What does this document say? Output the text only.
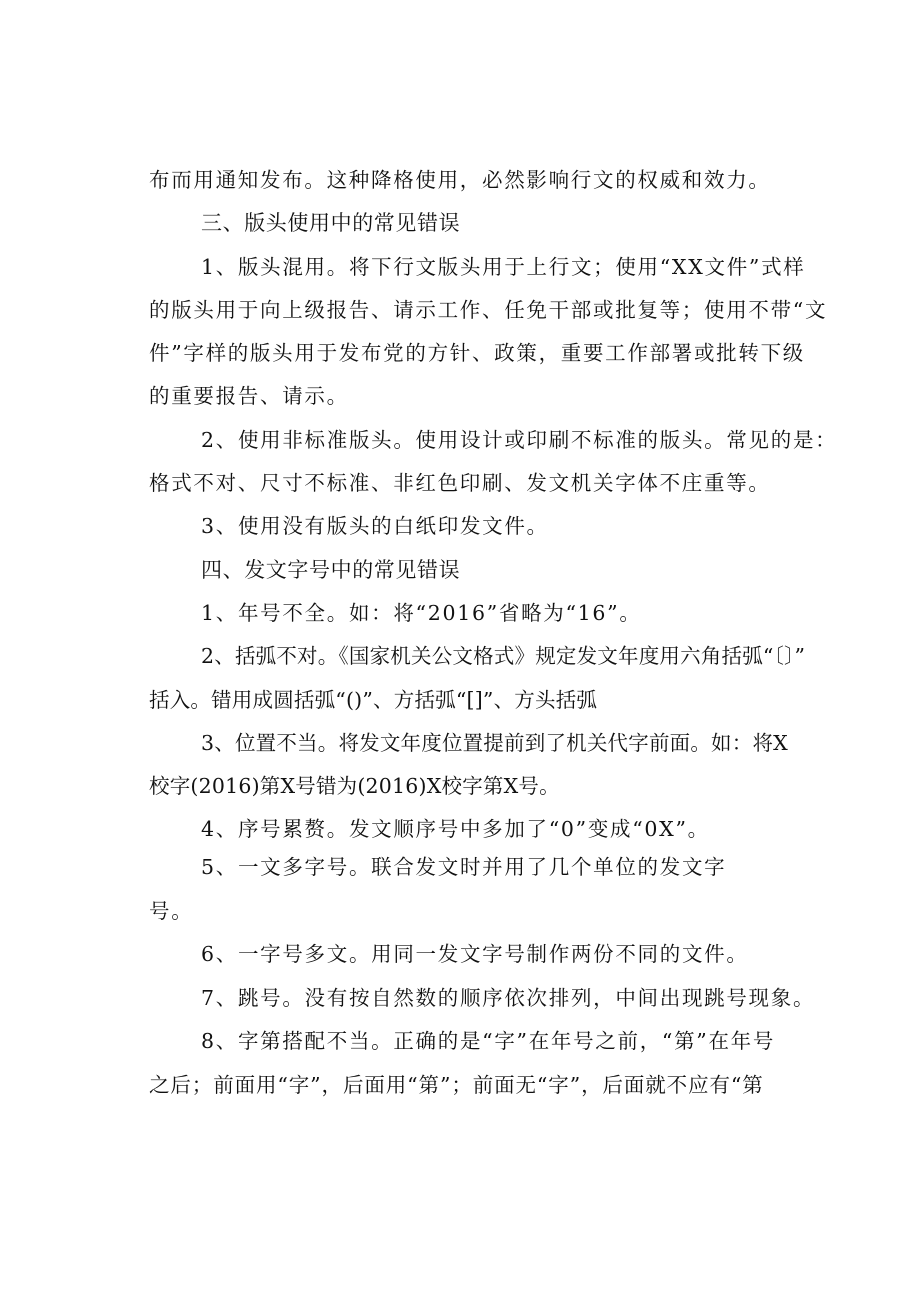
布而用通知发布。这种降格使用，必然影响行文的权威和效力。
三、版头使用中的常见错误
1、版头混用。将下行文版头用于上行文；使用“XX文件”式样
的版头用于向上级报告、请示工作、任免干部或批复等；使用不带“文
件”字样的版头用于发布党的方针、政策，重要工作部署或批转下级
的重要报告、请示。
2、使用非标准版头。使用设计或印刷不标准的版头。常见的是：
格式不对、尺寸不标准、非红色印刷、发文机关字体不庄重等。
3、使用没有版头的白纸印发文件。
四、发文字号中的常见错误
1、年号不全。如：将“2016”省略为“16”。
2、括弧不对。《国家机关公文格式》规定发文年度用六角括弧“〔〕”
括入。错用成圆括弧“()”、方括弧“[]”、方头括弧
3、位置不当。将发文年度位置提前到了机关代字前面。如：将X
校字(2016)第X号错为(2016)X校字第X号。
4、序号累赘。发文顺序号中多加了“0”变成“0X”。
5、一文多字号。联合发文时并用了几个单位的发文字
号。
6、一字号多文。用同一发文字号制作两份不同的文件。
7、跳号。没有按自然数的顺序依次排列，中间出现跳号现象。
8、字第搭配不当。正确的是“字”在年号之前，“第”在年号
之后；前面用“字”，后面用“第”；前面无“字”，后面就不应有“第
